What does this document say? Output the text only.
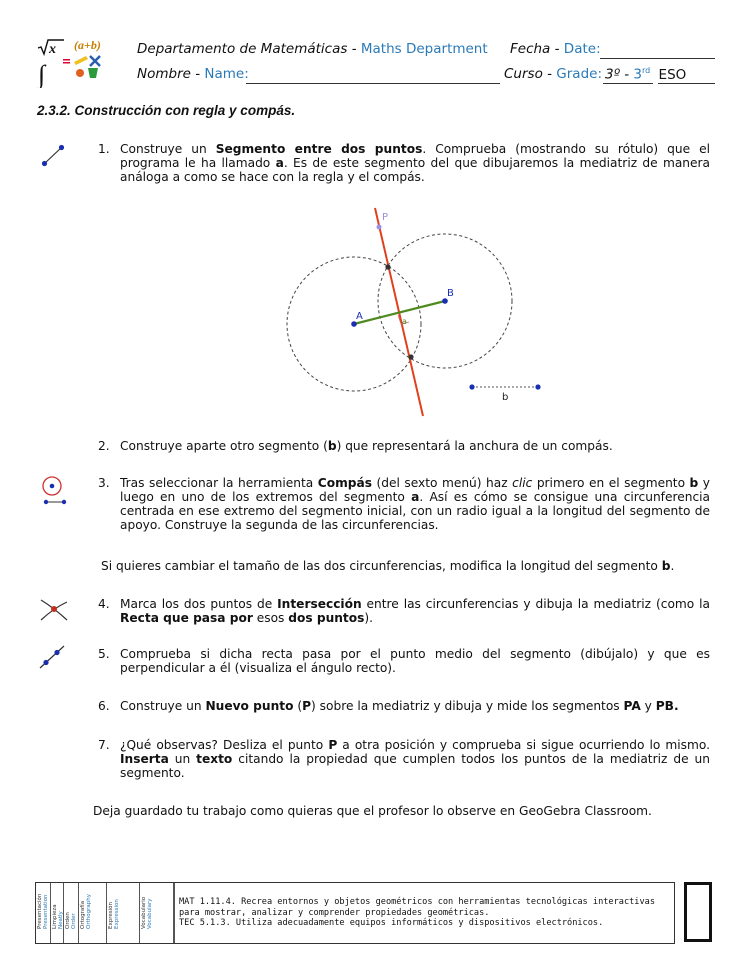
x
∫
(a+b)	Departamento de Matemáticas - Maths Department Fecha - Date:
Nombre - Name:	Curso - Grade: 3º - 3rd ESO
2.3.2. Construcción con regla y compás.
1. Construye un Segmento entre dos puntos. Comprueba (mostrando su rótulo) que el programa le ha llamado a. Es de este segmento del que dibujaremos la mediatriz de manera análoga a como se hace con la regla y el compás.
P
A
B
a
b
2. Construye aparte otro segmento (b) que representará la anchura de un compás.
3. Tras seleccionar la herramienta Compás (del sexto menú) haz clic primero en el segmento b y luego en uno de los extremos del segmento a. Así es cómo se consigue una circunferencia centrada en ese extremo del segmento inicial, con un radio igual a la longitud del segmento de apoyo. Construye la segunda de las circunferencias.
Si quieres cambiar el tamaño de las dos circunferencias, modifica la longitud del segmento b.
4. Marca los dos puntos de Intersección entre las circunferencias y dibuja la mediatriz (como la Recta que pasa por esos dos puntos).
5. Comprueba si dicha recta pasa por el punto medio del segmento (dibújalo) y que es perpendicular a él (visualiza el ángulo recto).
6. Construye un Nuevo punto (P) sobre la mediatriz y dibuja y mide los segmentos PA y PB.
7. ¿Qué observas? Desliza el punto P a otra posición y comprueba si sigue ocurriendo lo mismo. Inserta un texto citando la propiedad que cumplen todos los puntos de la mediatriz de un segmento.
Deja guardado tu trabajo como quieras que el profesor lo observe en GeoGebra Classroom.
Presentación Presentation Limpieza Neatly Orden Order Ortografía Orthography	Expresión Expression	Vocabulario Vocabulary	MAT 1.11.4. Recrea entornos y objetos geométricos con herramientas tecnológicas interactivas
para mostrar, analizar y comprender propiedades geométricas.
TEC 5.1.3. Utiliza adecuadamente equipos informáticos y dispositivos electrónicos.
